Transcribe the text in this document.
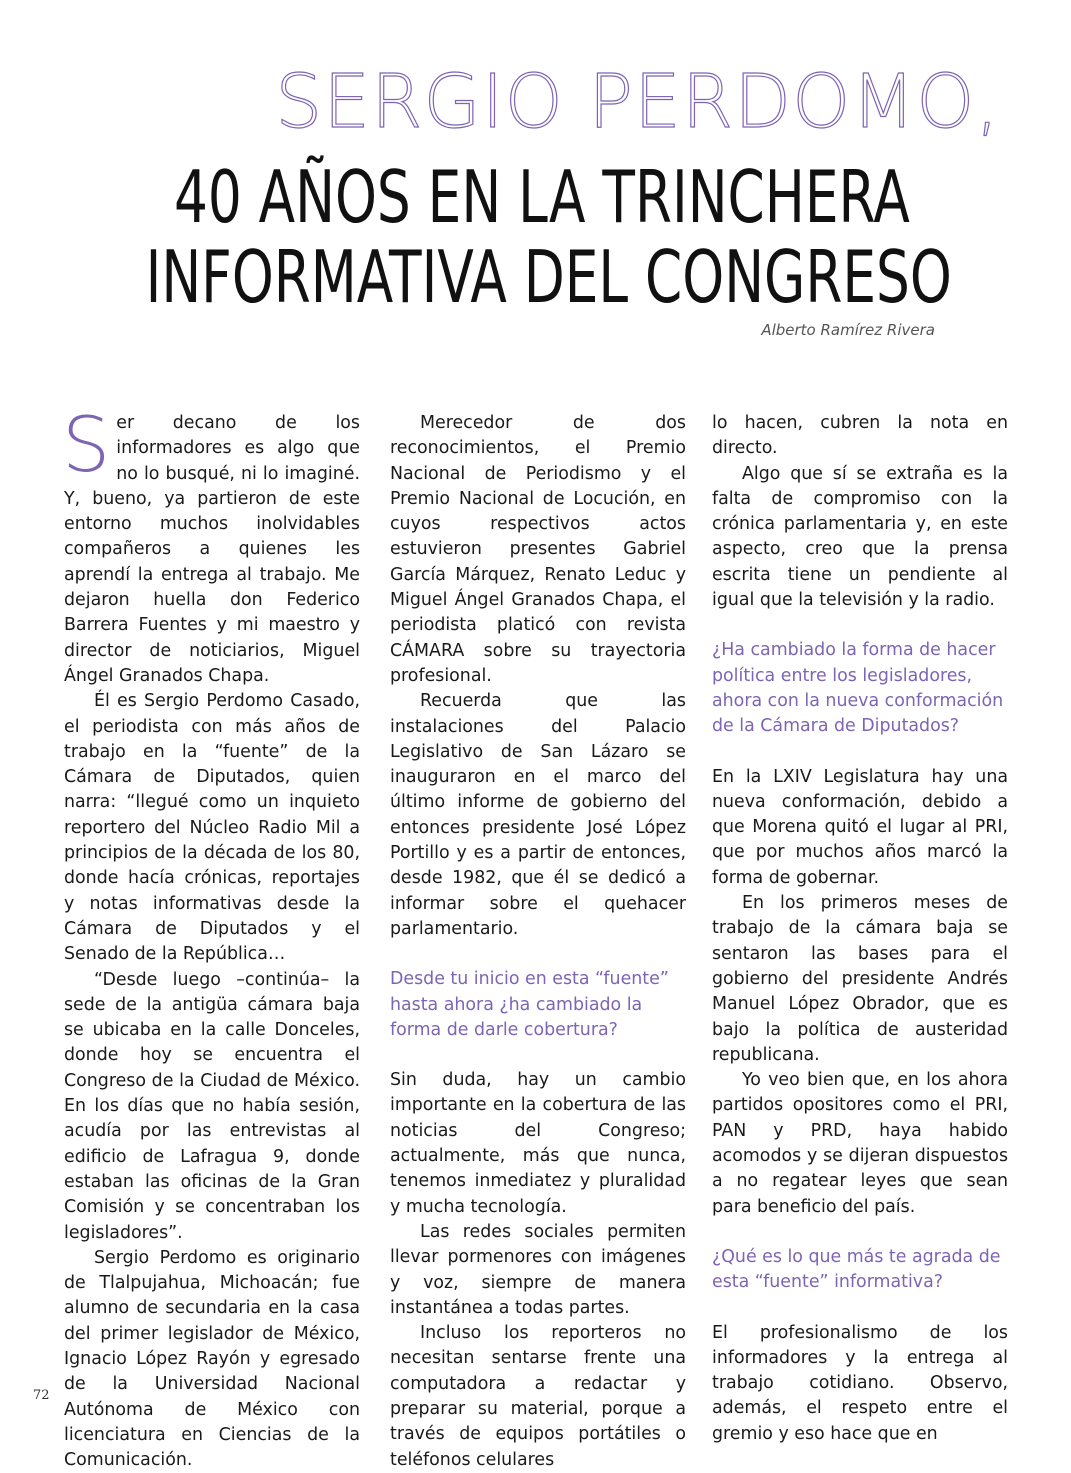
SERGIO PERDOMO,
40 AÑOS EN LA TRINCHERA
INFORMATIVA DEL CONGRESO
Alberto Ramírez Rivera
S er decano de los informadores es algo que no lo busqué, ni lo imaginé. Y, bueno, ya partieron de este entorno muchos inolvidables compañeros a quienes les aprendí la entrega al trabajo. Me dejaron huella don Federico Barrera Fuentes y mi maestro y director de noticiarios, Miguel Ángel Granados Chapa.

Él es Sergio Perdomo Casado, el periodista con más años de trabajo en la “fuente” de la Cámara de Diputados, quien narra: “llegué como un inquieto reportero del Núcleo Radio Mil a principios de la década de los 80, donde hacía crónicas, reportajes y notas informativas desde la Cámara de Diputados y el Senado de la República…

“Desde luego –continúa– la sede de la antigüa cámara baja se ubicaba en la calle Donceles, donde hoy se encuentra el Congreso de la Ciudad de México. En los días que no había sesión, acudía por las entrevistas al edificio de Lafragua 9, donde estaban las oficinas de la Gran Comisión y se concentraban los legisladores”.

Sergio Perdomo es originario de Tlalpujahua, Michoacán; fue alumno de secundaria en la casa del primer legislador de México, Ignacio López Rayón y egresado de la Universidad Nacional Autónoma de México con licenciatura en Ciencias de la Comunicación.

Merecedor de dos reconocimientos, el Premio Nacional de Periodismo y el Premio Nacional de Locución, en cuyos respectivos actos estuvieron presentes Gabriel García Márquez, Renato Leduc y Miguel Ángel Granados Chapa, el periodista platicó con revista CÁMARA sobre su trayectoria profesional.

Recuerda que las instalaciones del Palacio Legislativo de San Lázaro se inauguraron en el marco del último informe de gobierno del entonces presidente José López Portillo y es a partir de entonces, desde 1982, que él se dedicó a informar sobre el quehacer parlamentario.

Desde tu inicio en esta “fuente” hasta ahora ¿ha cambiado la forma de darle cobertura?

Sin duda, hay un cambio importante en la cobertura de las noticias del Congreso; actualmente, más que nunca, tenemos inmediatez y pluralidad y mucha tecnología.

Las redes sociales permiten llevar pormenores con imágenes y voz, siempre de manera instantánea a todas partes.

Incluso los reporteros no necesitan sentarse frente una computadora a redactar y preparar su material, porque a través de equipos portátiles o teléfonos celulares

lo hacen, cubren la nota en directo.

Algo que sí se extraña es la falta de compromiso con la crónica parlamentaria y, en este aspecto, creo que la prensa escrita tiene un pendiente al igual que la televisión y la radio.

¿Ha cambiado la forma de hacer política entre los legisladores, ahora con la nueva conformación de la Cámara de Diputados?

En la LXIV Legislatura hay una nueva conformación, debido a que Morena quitó el lugar al PRI, que por muchos años marcó la forma de gobernar.

En los primeros meses de trabajo de la cámara baja se sentaron las bases para el gobierno del presidente Andrés Manuel López Obrador, que es bajo la política de austeridad republicana.

Yo veo bien que, en los ahora partidos opositores como el PRI, PAN y PRD, haya habido acomodos y se dijeran dispuestos a no regatear leyes que sean para beneficio del país.

¿Qué es lo que más te agrada de esta “fuente” informativa?

El profesionalismo de los informadores y la entrega al trabajo cotidiano. Observo, además, el respeto entre el gremio y eso hace que en

72
